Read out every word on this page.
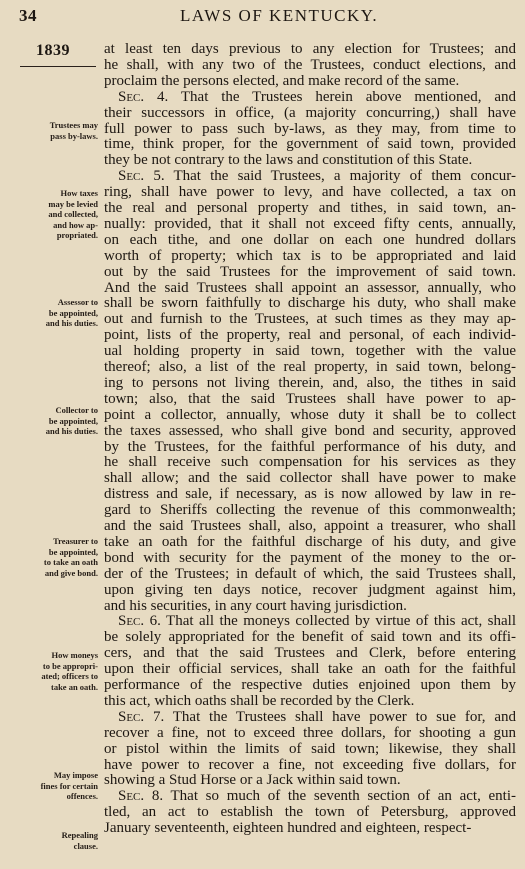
34	LAWS OF KENTUCKY.
1839 at least ten days previous to any election for Trustees; and
he shall, with any two of the Trustees, conduct elections, and
proclaim the persons elected, and make record of the same.
Sec. 4. That the Trustees herein above mentioned, and
their successors in office, (a majority concurring,) shall have
full power to pass such by-laws, as they may, from time to
time, think proper, for the government of said town, provided
they be not contrary to the laws and constitution of this State.
Sec. 5. That the said Trustees, a majority of them concur-
ring, shall have power to levy, and have collected, a tax on
the real and personal property and tithes, in said town, an-
nually: provided, that it shall not exceed fifty cents, annually,
on each tithe, and one dollar on each one hundred dollars
worth of property; which tax is to be appropriated and laid
out by the said Trustees for the improvement of said town.
And the said Trustees shall appoint an assessor, annually, who
shall be sworn faithfully to discharge his duty, who shall make
out and furnish to the Trustees, at such times as they may ap-
point, lists of the property, real and personal, of each individ-
ual holding property in said town, together with the value
thereof; also, a list of the real property, in said town, belong-
ing to persons not living therein, and, also, the tithes in said
town; also, that the said Trustees shall have power to ap-
point a collector, annually, whose duty it shall be to collect
the taxes assessed, who shall give bond and security, approved
by the Trustees, for the faithful performance of his duty, and
he shall receive such compensation for his services as they
shall allow; and the said collector shall have power to make
distress and sale, if necessary, as is now allowed by law in re-
gard to Sheriffs collecting the revenue of this commonwealth;
and the said Trustees shall, also, appoint a treasurer, who shall
take an oath for the faithful discharge of his duty, and give
bond with security for the payment of the money to the or-
der of the Trustees; in default of which, the said Trustees shall,
upon giving ten days notice, recover judgment against him,
and his securities, in any court having jurisdiction.
Sec. 6. That all the moneys collected by virtue of this act, shall
be solely appropriated for the benefit of said town and its offi-
cers, and that the said Trustees and Clerk, before entering
upon their official services, shall take an oath for the faithful
performance of the respective duties enjoined upon them by
this act, which oaths shall be recorded by the Clerk.
Sec. 7. That the Trustees shall have power to sue for, and
recover a fine, not to exceed three dollars, for shooting a gun
or pistol within the limits of said town; likewise, they shall
have power to recover a fine, not exceeding five dollars, for
showing a Stud Horse or a Jack within said town.
Sec. 8. That so much of the seventh section of an act, enti-
tled, an act to establish the town of Petersburg, approved
January seventeenth, eighteen hundred and eighteen, respect-
Trustees may
pass by-laws.
How taxes
may be levied
and collected,
and how ap-
propriated.
Assessor to
be appointed,
and his duties.
Collector to
be appointed,
and his duties.
Treasurer to
be appointed,
to take an oath
and give bond.
How moneys
to be appropri-
ated; officers to
take an oath.
May impose
fines for certain
offences.
Repealing
clause.
